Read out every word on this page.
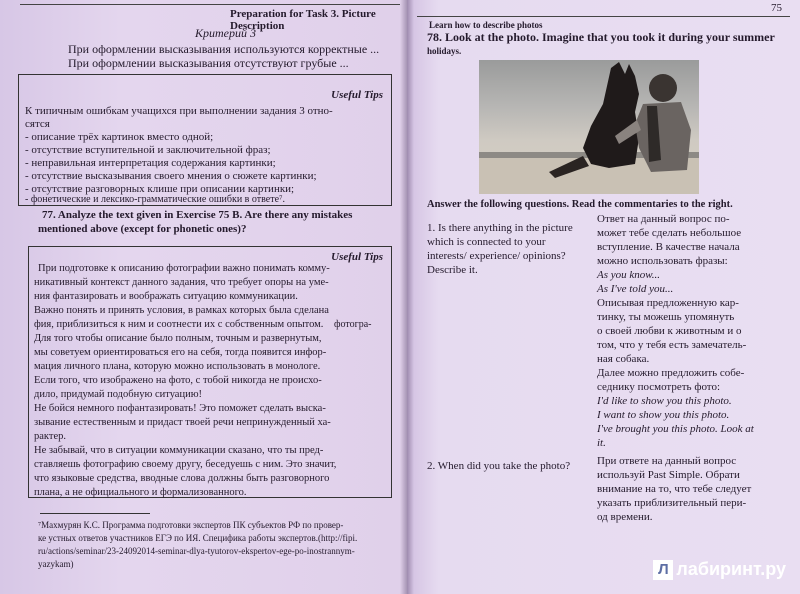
Preparation for Task 3. Picture Description
Критерий 3
При оформлении высказывания используются корректные ...
При оформлении высказывания отсутствуют грубые ...
Useful Tips
К типичным ошибкам учащихся при выполнении задания 3 отно-
сятся
- описание трёх картинок вместо одной;
- отсутствие вступительной и заключительной фраз;
- неправильная интерпретация содержания картинки;
- отсутствие высказывания своего мнения о сюжете картинки;
- отсутствие разговорных клише при описании картинки;
- фонетические и лексико-грамматические ошибки в ответе⁷.
77. Analyze the text given in Exercise 75 B. Are there any mistakes
mentioned above (except for phonetic ones)?
Useful Tips
При подготовке к описанию фотографии важно понимать комму-
никативный контекст данного задания, что требует опоры на уме-
ния фантазировать и воображать ситуацию коммуникации.
Важно понять и принять условия, в рамках которых была сделана
фотогра-
фия, приблизиться к ним и соотнести их с собственным опытом.
Для того чтобы описание было полным, точным и развернутым,
мы советуем ориентироваться его на себя, тогда появится инфор-
мация личного плана, которую можно использовать в монологе.
Если того, что изображено на фото, с тобой никогда не происхо-
дило, придумай подобную ситуацию!
Не бойся немного пофантазировать! Это поможет сделать выска-
зывание естественным и придаст твоей речи непринужденный ха-
рактер.
Не забывай, что в ситуации коммуникации сказано, что ты пред-
ставляешь фотографию своему другу, беседуешь с ним. Это значит,
что языковые средства, вводные слова должны быть разговорного
плана, а не официального и формализованного.
⁷Махмурян К.С. Программа подготовки экспертов ПК субъектов РФ по провер-
ке устных ответов участников ЕГЭ по ИЯ. Специфика работы экспертов.(http://fipi.
ru/actions/seminar/23-24092014-seminar-dlya-tyutorov-ekspertov-ege-po-inostrannym-
yazykam)
75
Learn how to describe photos
78. Look at the photo. Imagine that you took it during your summer
holidays.
Answer the following questions. Read the commentaries to the right.
1. Is there anything in the picture
which is connected to your
interests/ experience/ opinions?
Describe it.
Ответ на данный вопрос по-
может тебе сделать небольшое
вступление. В качестве начала
можно использовать фразы:
As you know...
As I've told you...
Описывая предложенную кар-
тинку, ты можешь упомянуть
о своей любви к животным и о
том, что у тебя есть замечатель-
ная собака.
Далее можно предложить собе-
седнику посмотреть фото:
I'd like to show you this photo.
I want to show you this photo.
I've brought you this photo. Look at
it.
2. When did you take the photo? При ответе на данный вопрос
используй Past Simple. Обрати
внимание на то, что тебе следует
указать приблизительный пери-
од времени.
Л лабиринт.ру
